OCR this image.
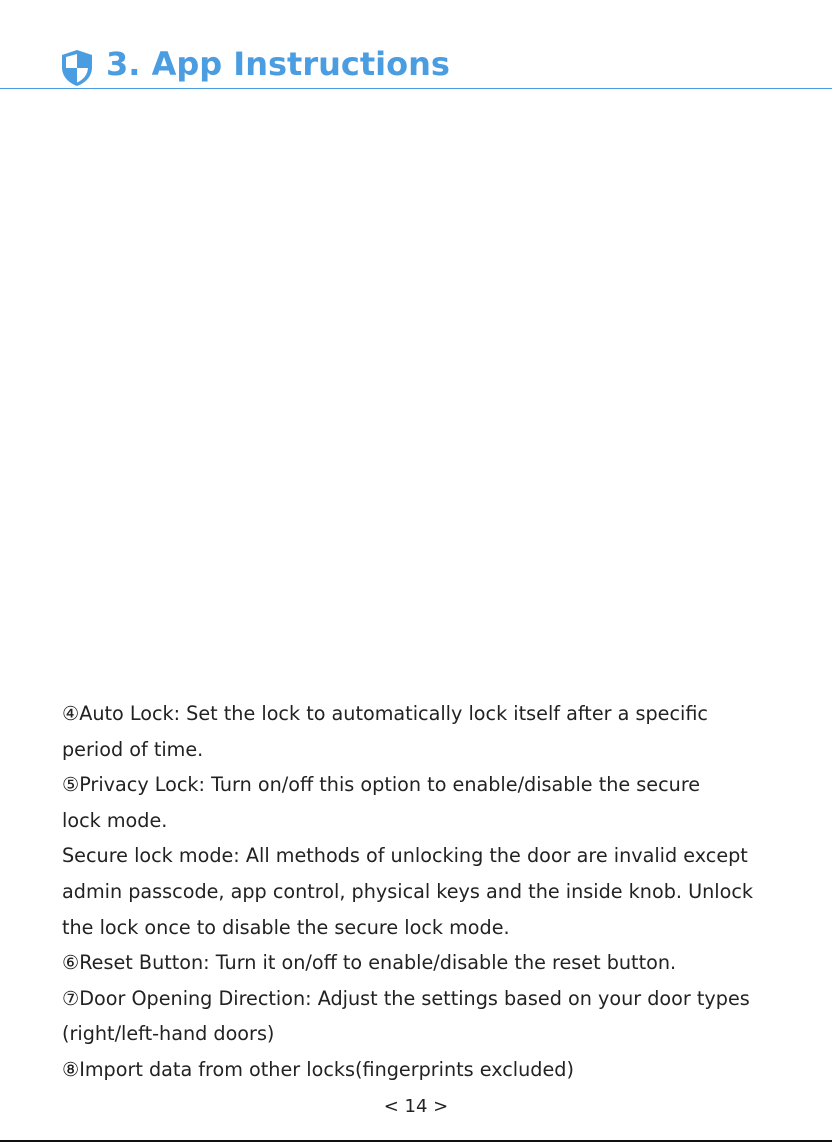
3. App Instructions

④Auto Lock: Set the lock to automatically lock itself after a specific

period of time.

⑤Privacy Lock: Turn on/off this option to enable/disable the secure

lock mode.

Secure lock mode: All methods of unlocking the door are invalid except

admin passcode, app control, physical keys and the inside knob. Unlock

the lock once to disable the secure lock mode.

⑥Reset Button: Turn it on/off to enable/disable the reset button.

⑦Door Opening Direction: Adjust the settings based on your door types

(right/left-hand doors)

⑧Import data from other locks(fingerprints excluded)

< 14 >
